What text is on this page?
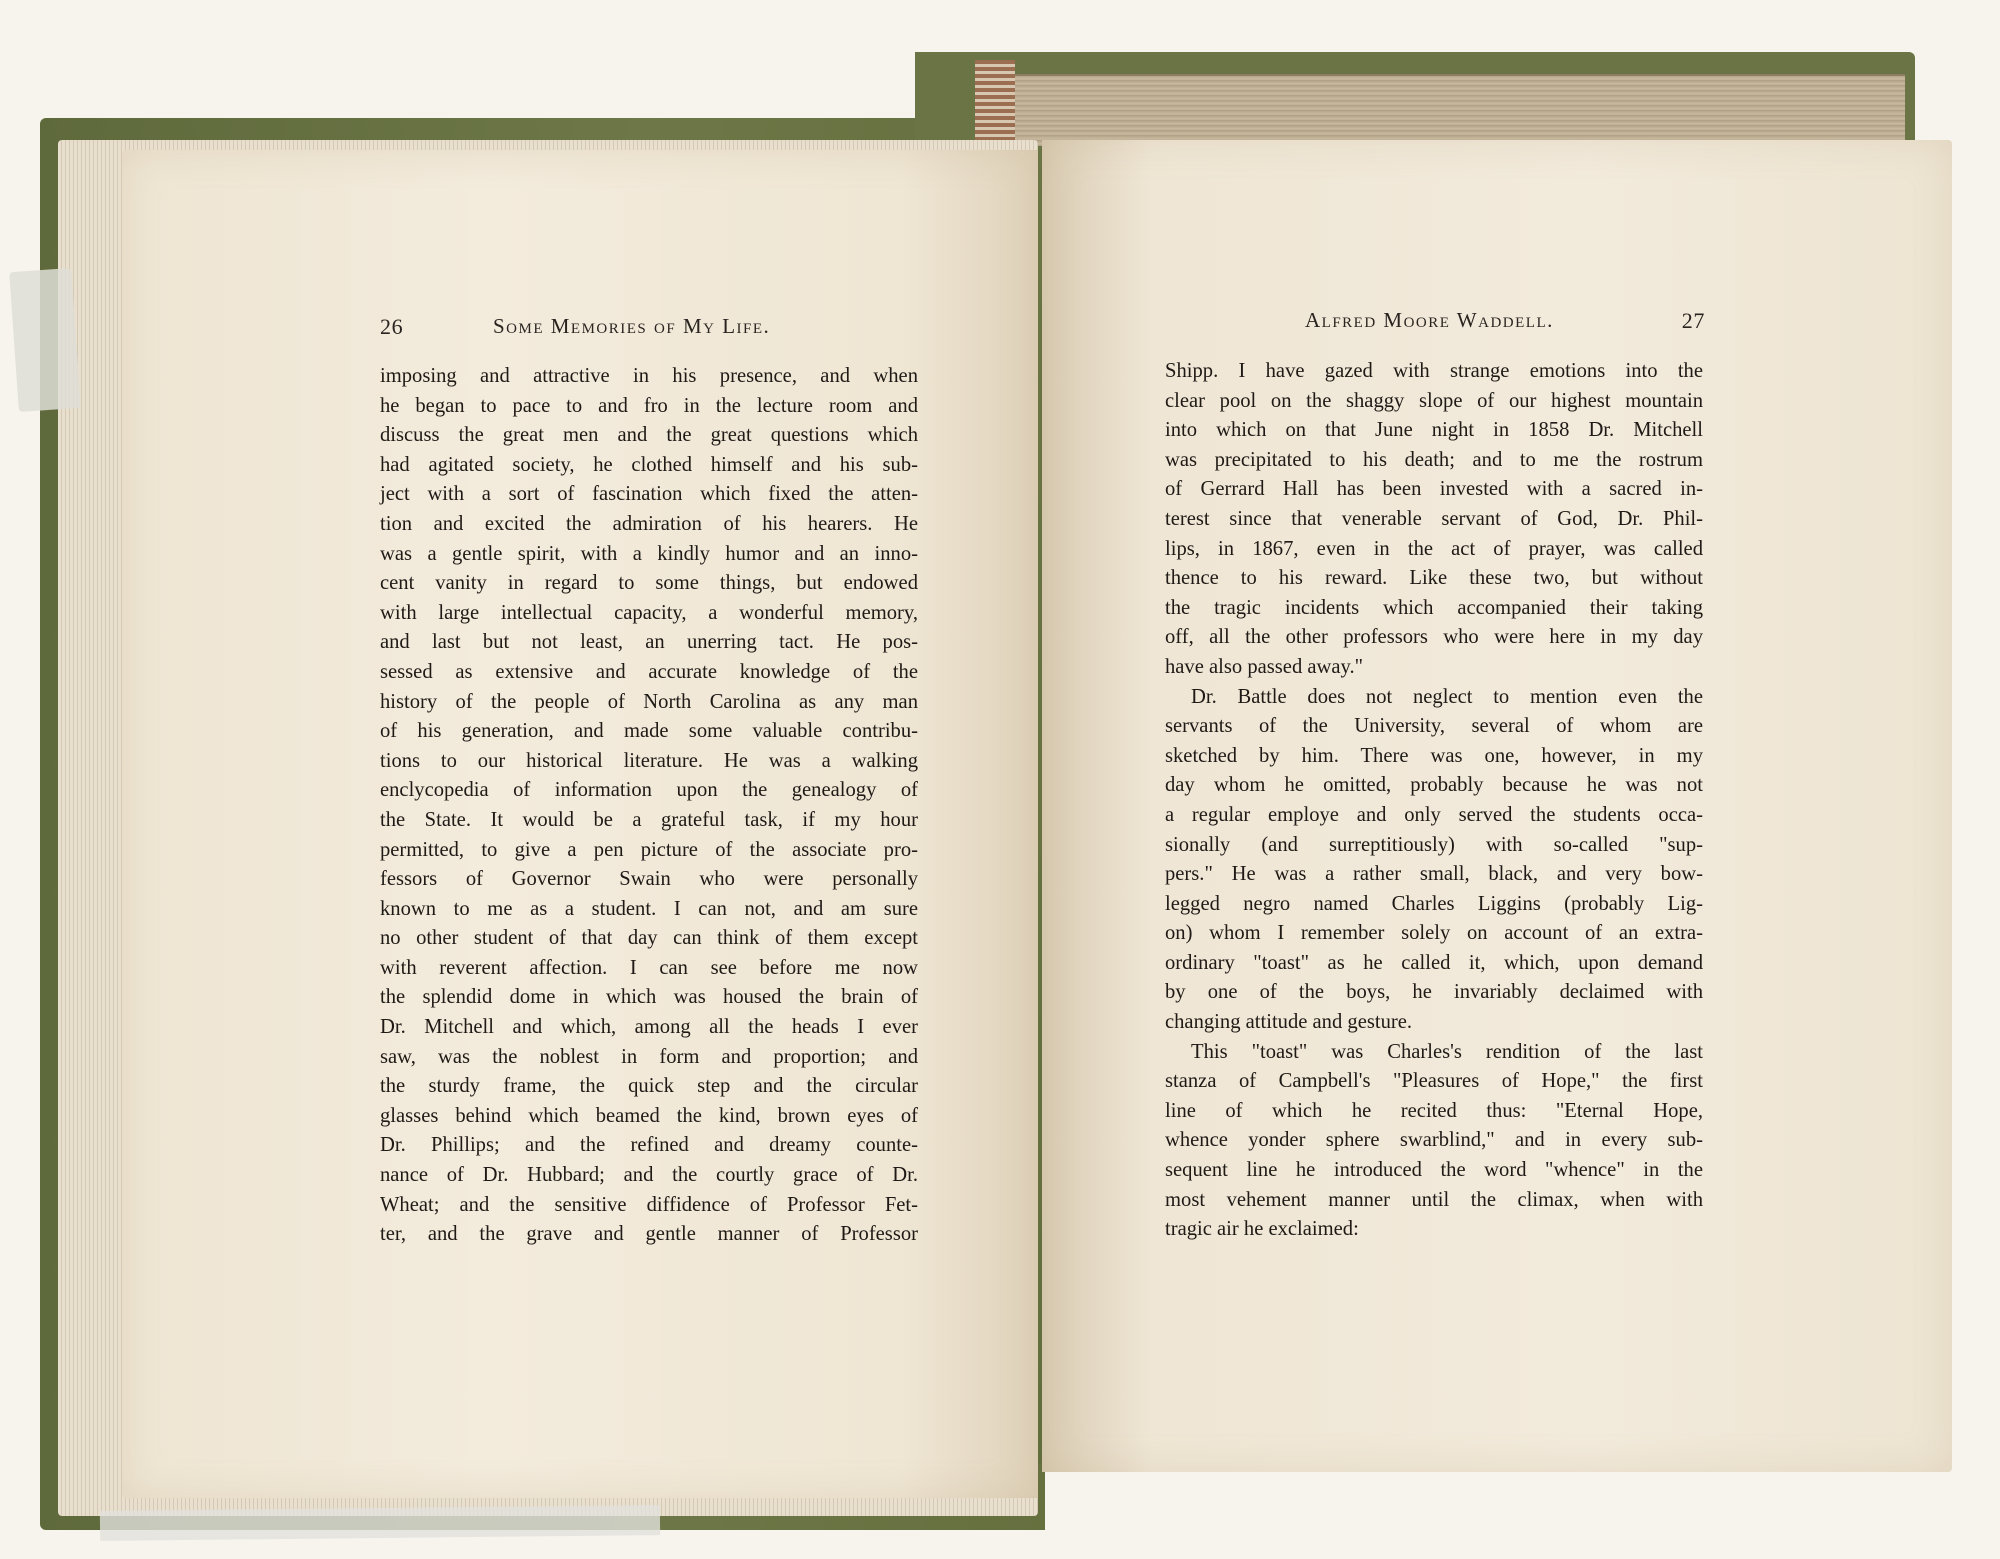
26	Some Memories of My Life.	Alfred Moore Waddell.	27
imposing and attractive in his presence, and when
he began to pace to and fro in the lecture room and
discuss the great men and the great questions which
had agitated society, he clothed himself and his sub-
ject with a sort of fascination which fixed the atten-
tion and excited the admiration of his hearers. He
was a gentle spirit, with a kindly humor and an inno-
cent vanity in regard to some things, but endowed
with large intellectual capacity, a wonderful memory,
and last but not least, an unerring tact. He pos-
sessed as extensive and accurate knowledge of the
history of the people of North Carolina as any man
of his generation, and made some valuable contribu-
tions to our historical literature. He was a walking
enclycopedia of information upon the genealogy of
the State. It would be a grateful task, if my hour
permitted, to give a pen picture of the associate pro-
fessors of Governor Swain who were personally
known to me as a student. I can not, and am sure
no other student of that day can think of them except
with reverent affection. I can see before me now
the splendid dome in which was housed the brain of
Dr. Mitchell and which, among all the heads I ever
saw, was the noblest in form and proportion; and
the sturdy frame, the quick step and the circular
glasses behind which beamed the kind, brown eyes of
Dr. Phillips; and the refined and dreamy counte-
nance of Dr. Hubbard; and the courtly grace of Dr.
Wheat; and the sensitive diffidence of Professor Fet-
ter, and the grave and gentle manner of Professor
Shipp. I have gazed with strange emotions into the
clear pool on the shaggy slope of our highest mountain
into which on that June night in 1858 Dr. Mitchell
was precipitated to his death; and to me the rostrum
of Gerrard Hall has been invested with a sacred in-
terest since that venerable servant of God, Dr. Phil-
lips, in 1867, even in the act of prayer, was called
thence to his reward. Like these two, but without
the tragic incidents which accompanied their taking
off, all the other professors who were here in my day
have also passed away."
Dr. Battle does not neglect to mention even the
servants of the University, several of whom are
sketched by him. There was one, however, in my
day whom he omitted, probably because he was not
a regular employe and only served the students occa-
sionally (and surreptitiously) with so-called "sup-
pers." He was a rather small, black, and very bow-
legged negro named Charles Liggins (probably Lig-
on) whom I remember solely on account of an extra-
ordinary "toast" as he called it, which, upon demand
by one of the boys, he invariably declaimed with
changing attitude and gesture.
This "toast" was Charles's rendition of the last
stanza of Campbell's "Pleasures of Hope," the first
line of which he recited thus: "Eternal Hope,
whence yonder sphere swarblind," and in every sub-
sequent line he introduced the word "whence" in the
most vehement manner until the climax, when with
tragic air he exclaimed:
